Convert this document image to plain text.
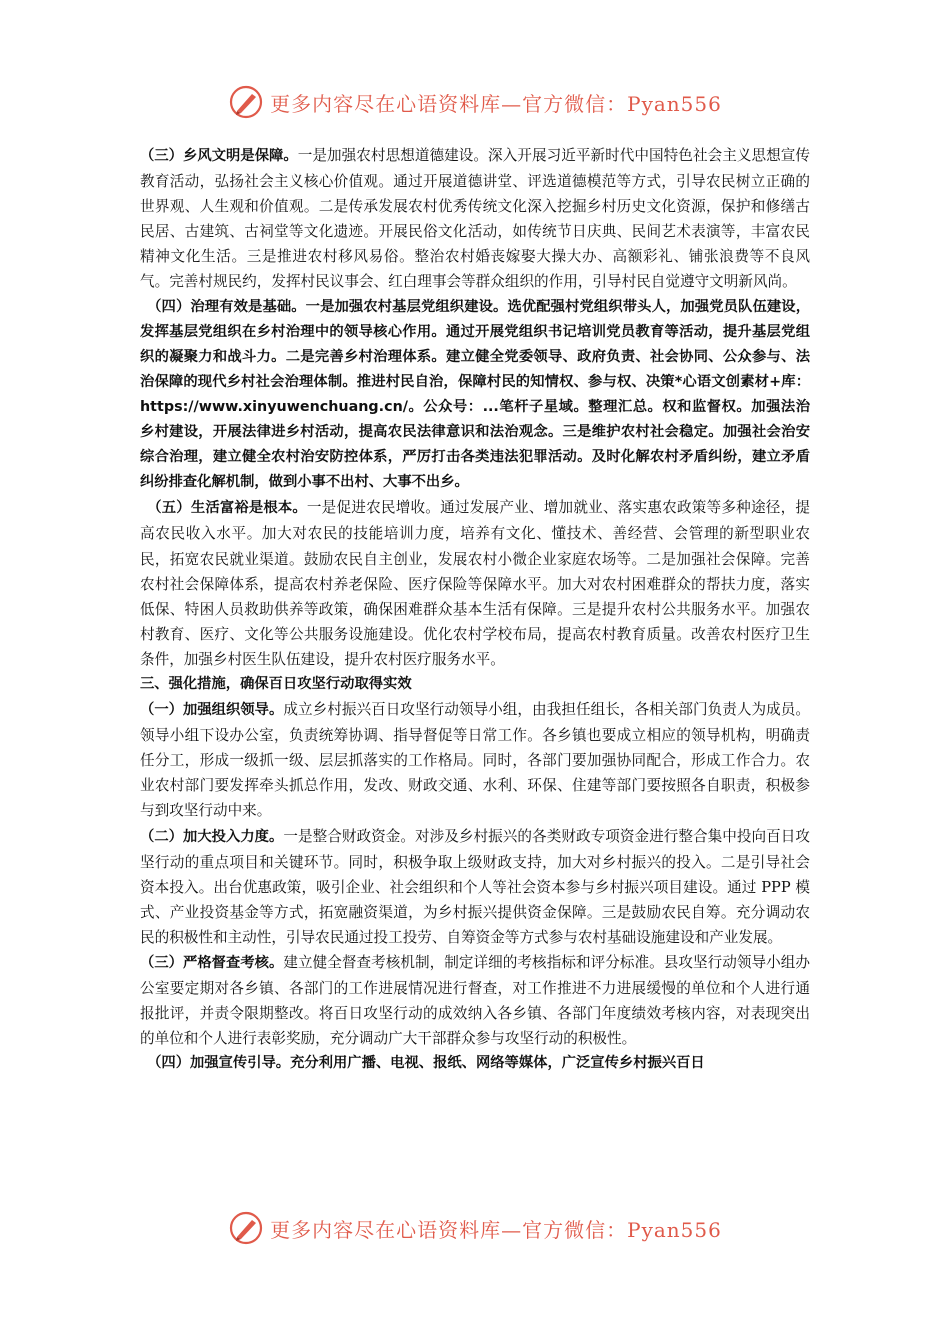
更多内容尽在心语资料库—官方微信：Pyan556

（三）乡风文明是保障。一是加强农村思想道德建设。深入开展习近平新时代中国特色社会主义思想宣传教育活动，弘扬社会主义核心价值观。通过开展道德讲堂、评选道德模范等方式，引导农民树立正确的世界观、人生观和价值观。二是传承发展农村优秀传统文化深入挖掘乡村历史文化资源，保护和修缮古民居、古建筑、古祠堂等文化遗迹。开展民俗文化活动，如传统节日庆典、民间艺术表演等，丰富农民精神文化生活。三是推进农村移风易俗。整治农村婚丧嫁娶大操大办、高额彩礼、铺张浪费等不良风气。完善村规民约，发挥村民议事会、红白理事会等群众组织的作用，引导村民自觉遵守文明新风尚。

（四）治理有效是基础。一是加强农村基层党组织建设。选优配强村党组织带头人，加强党员队伍建设，发挥基层党组织在乡村治理中的领导核心作用。通过开展党组织书记培训党员教育等活动，提升基层党组织的凝聚力和战斗力。二是完善乡村治理体系。建立健全党委领导、政府负责、社会协同、公众参与、法治保障的现代乡村社会治理体制。推进村民自治，保障村民的知情权、参与权、决策*心语文创素材+库：https://www.xinyuwenchuang.cn/。公众号：...笔杆子星域。整理汇总。权和监督权。加强法治乡村建设，开展法律进乡村活动，提高农民法律意识和法治观念。三是维护农村社会稳定。加强社会治安综合治理，建立健全农村治安防控体系，严厉打击各类违法犯罪活动。及时化解农村矛盾纠纷，建立矛盾纠纷排查化解机制，做到小事不出村、大事不出乡。

（五）生活富裕是根本。一是促进农民增收。通过发展产业、增加就业、落实惠农政策等多种途径，提高农民收入水平。加大对农民的技能培训力度，培养有文化、懂技术、善经营、会管理的新型职业农民，拓宽农民就业渠道。鼓励农民自主创业，发展农村小微企业家庭农场等。二是加强社会保障。完善农村社会保障体系，提高农村养老保险、医疗保险等保障水平。加大对农村困难群众的帮扶力度，落实低保、特困人员救助供养等政策，确保困难群众基本生活有保障。三是提升农村公共服务水平。加强农村教育、医疗、文化等公共服务设施建设。优化农村学校布局，提高农村教育质量。改善农村医疗卫生条件，加强乡村医生队伍建设，提升农村医疗服务水平。

三、强化措施，确保百日攻坚行动取得实效

（一）加强组织领导。成立乡村振兴百日攻坚行动领导小组，由我担任组长，各相关部门负责人为成员。领导小组下设办公室，负责统筹协调、指导督促等日常工作。各乡镇也要成立相应的领导机构，明确责任分工，形成一级抓一级、层层抓落实的工作格局。同时，各部门要加强协同配合，形成工作合力。农业农村部门要发挥牵头抓总作用，发改、财政交通、水利、环保、住建等部门要按照各自职责，积极参与到攻坚行动中来。

（二）加大投入力度。一是整合财政资金。对涉及乡村振兴的各类财政专项资金进行整合集中投向百日攻坚行动的重点项目和关键环节。同时，积极争取上级财政支持，加大对乡村振兴的投入。二是引导社会资本投入。出台优惠政策，吸引企业、社会组织和个人等社会资本参与乡村振兴项目建设。通过 PPP 模式、产业投资基金等方式，拓宽融资渠道，为乡村振兴提供资金保障。三是鼓励农民自筹。充分调动农民的积极性和主动性，引导农民通过投工投劳、自筹资金等方式参与农村基础设施建设和产业发展。

（三）严格督查考核。建立健全督查考核机制，制定详细的考核指标和评分标准。县攻坚行动领导小组办公室要定期对各乡镇、各部门的工作进展情况进行督查，对工作推进不力进展缓慢的单位和个人进行通报批评，并责令限期整改。将百日攻坚行动的成效纳入各乡镇、各部门年度绩效考核内容，对表现突出的单位和个人进行表彰奖励，充分调动广大干部群众参与攻坚行动的积极性。

（四）加强宣传引导。充分利用广播、电视、报纸、网络等媒体，广泛宣传乡村振兴百日

更多内容尽在心语资料库—官方微信：Pyan556
